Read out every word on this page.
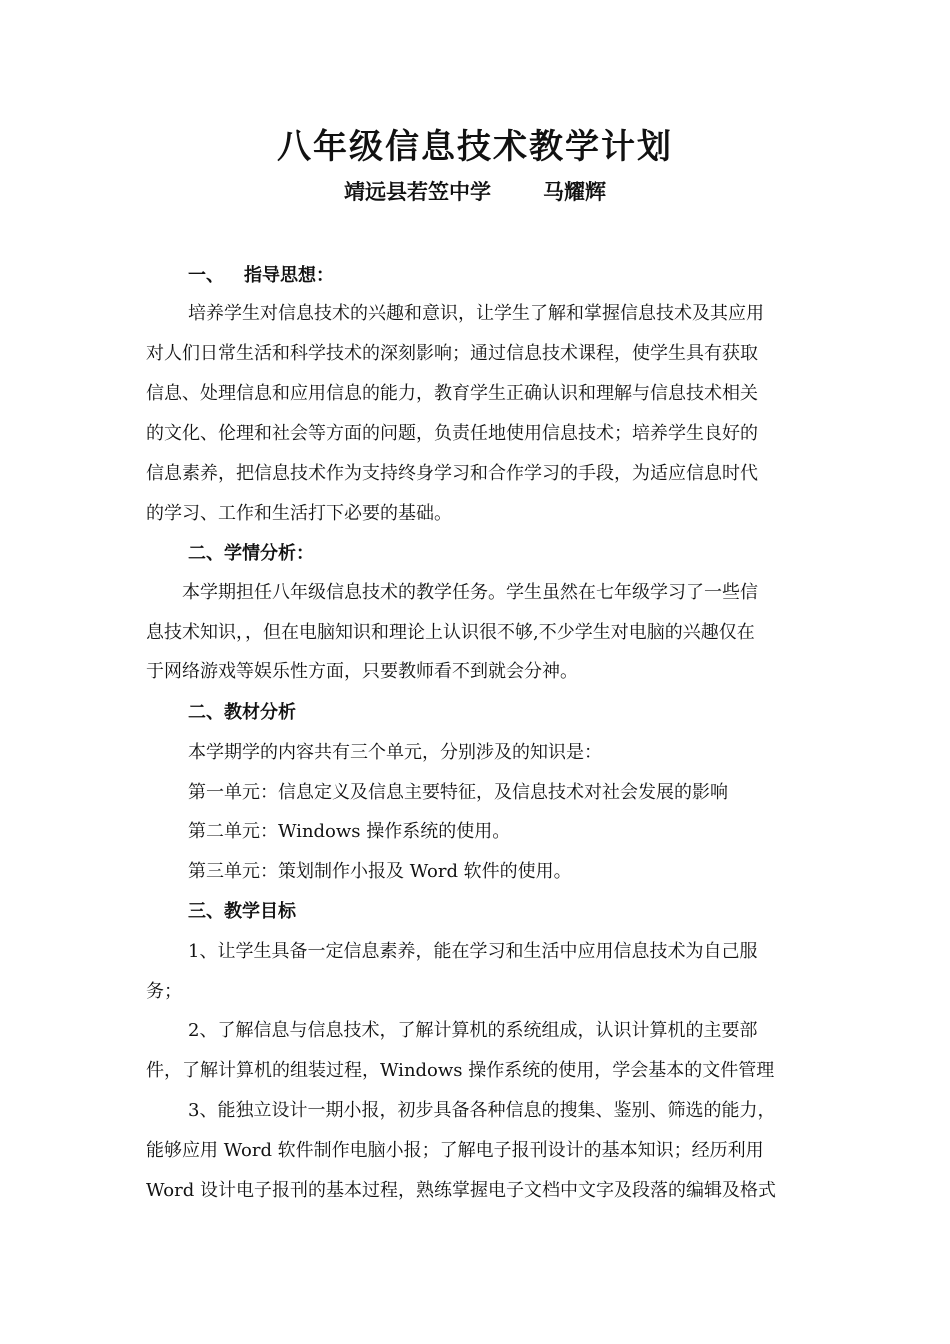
八年级信息技术教学计划
靖远县若笠中学 马耀辉
一、 指导思想：
培养学生对信息技术的兴趣和意识，让学生了解和掌握信息技术及其应用
对人们日常生活和科学技术的深刻影响；通过信息技术课程，使学生具有获取
信息、处理信息和应用信息的能力，教育学生正确认识和理解与信息技术相关
的文化、伦理和社会等方面的问题，负责任地使用信息技术；培养学生良好的
信息素养，把信息技术作为支持终身学习和合作学习的手段，为适应信息时代
的学习、工作和生活打下必要的基础。
二、学情分析：
本学期担任八年级信息技术的教学任务。学生虽然在七年级学习了一些信
息技术知识，，但在电脑知识和理论上认识很不够,不少学生对电脑的兴趣仅在
于网络游戏等娱乐性方面，只要教师看不到就会分神。
二、教材分析
本学期学的内容共有三个单元，分别涉及的知识是：
第一单元：信息定义及信息主要特征，及信息技术对社会发展的影响
第二单元：Windows 操作系统的使用。
第三单元：策划制作小报及 Word 软件的使用。
三、教学目标
1、让学生具备一定信息素养，能在学习和生活中应用信息技术为自己服
务；
2、了解信息与信息技术，了解计算机的系统组成，认识计算机的主要部
件，了解计算机的组装过程，Windows 操作系统的使用，学会基本的文件管理
3、能独立设计一期小报，初步具备各种信息的搜集、鉴别、筛选的能力，
能够应用 Word 软件制作电脑小报；了解电子报刊设计的基本知识；经历利用
Word 设计电子报刊的基本过程，熟练掌握电子文档中文字及段落的编辑及格式
